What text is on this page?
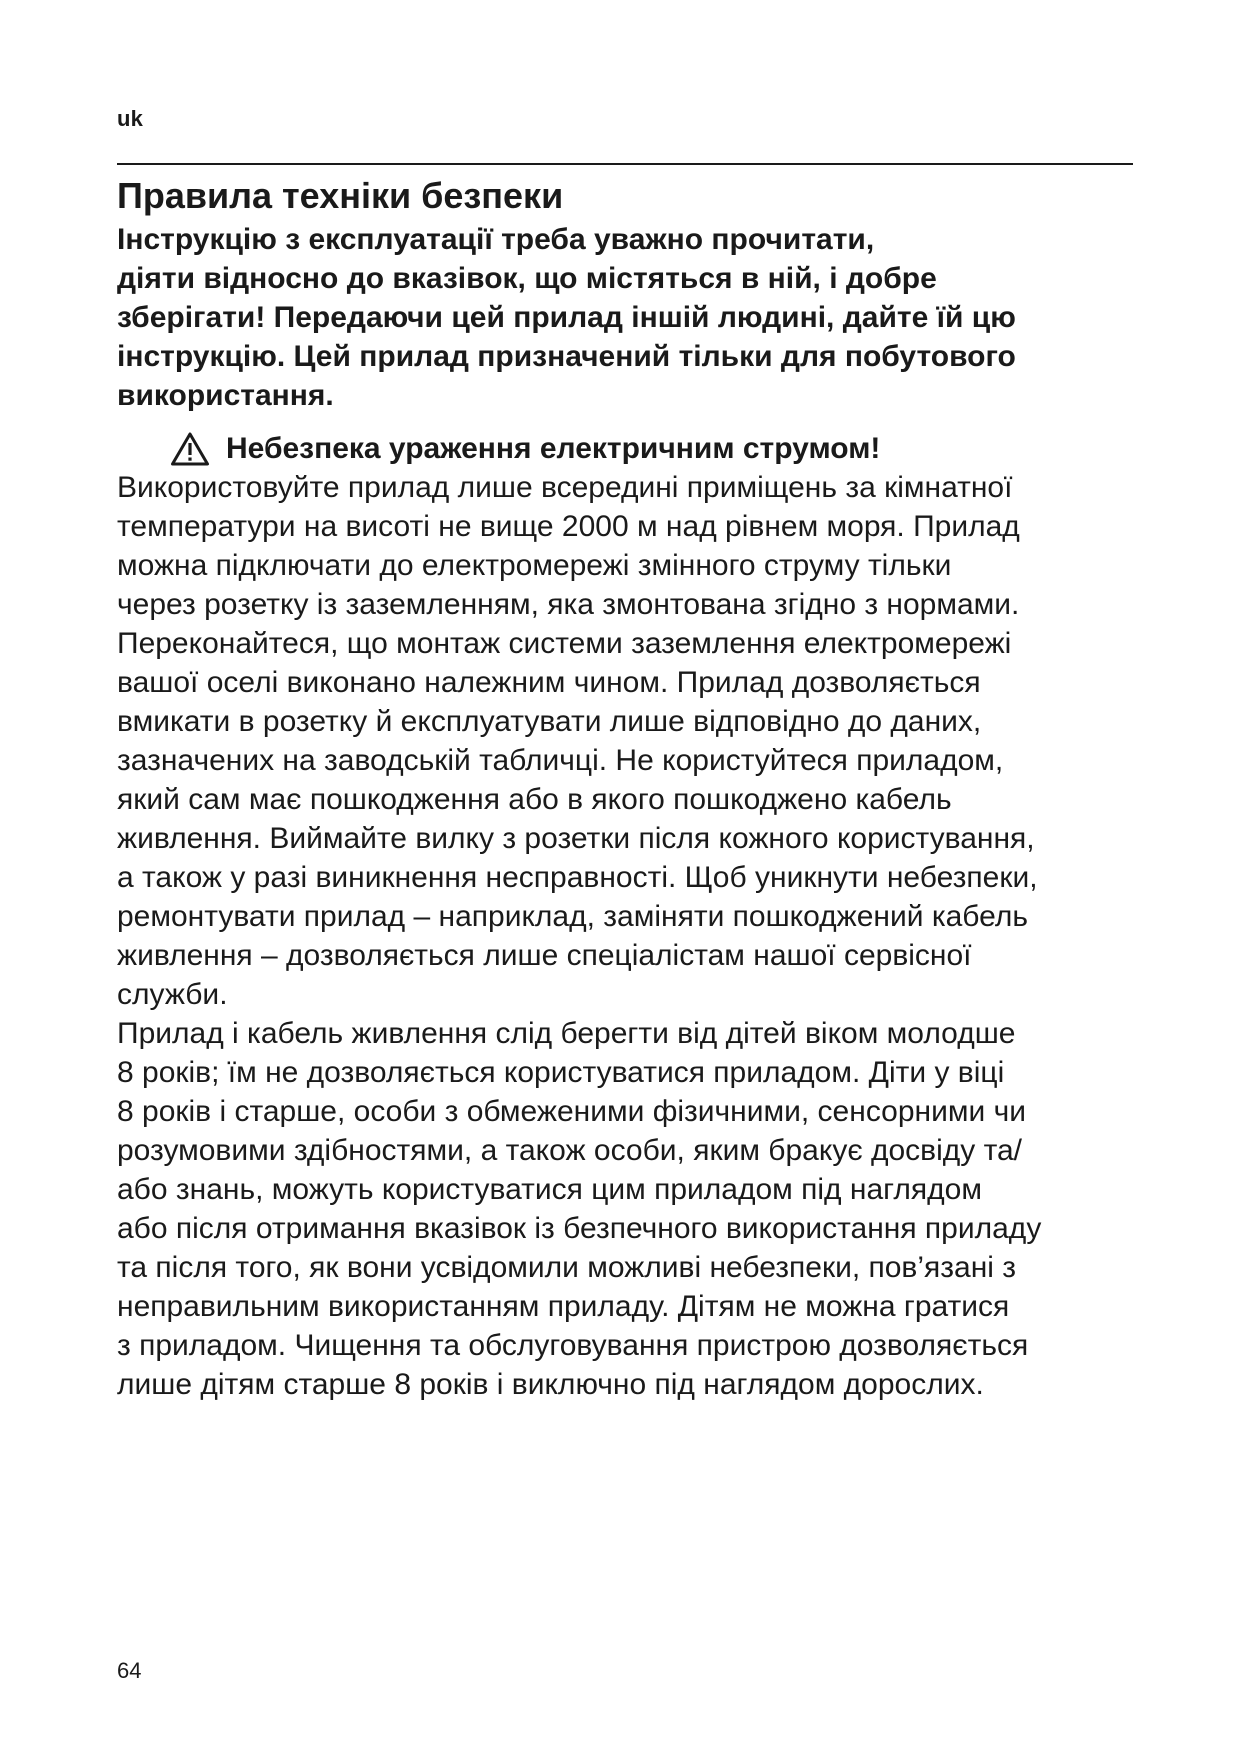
uk
Правила техніки безпеки

Інструкцію з експлуатації треба уважно прочитати,
діяти відносно до вказівок, що містяться в ній, і добре
зберігати! Передаючи цей прилад іншій людині, дайте їй цю
інструкцію. Цей прилад призначений тільки для побутового
використання.

Небезпека ураження електричним струмом!

Використовуйте прилад лише всередині приміщень за кімнатної
температури на висоті не вище 2000 м над рівнем моря. Прилад
можна підключати до електромережі змінного струму тільки
через розетку із заземленням, яка змонтована згідно з нормами.
Переконайтеся, що монтаж системи заземлення електромережі
вашої оселі виконано належним чином. Прилад дозволяється
вмикати в розетку й експлуатувати лише відповідно до даних,
зазначених на заводській табличці. Не користуйтеся приладом,
який сам має пошкодження або в якого пошкоджено кабель
живлення. Виймайте вилку з розетки після кожного користування,
а також у разі виникнення несправності. Щоб уникнути небезпеки,
ремонтувати прилад – наприклад, заміняти пошкоджений кабель
живлення – дозволяється лише спеціалістам нашої сервісної
служби.

Прилад і кабель живлення слід берегти від дітей віком молодше
8 років; їм не дозволяється користуватися приладом. Діти у віці
8 років і старше, особи з обмеженими фізичними, сенсорними чи
розумовими здібностями, а також особи, яким бракує досвіду та/
або знань, можуть користуватися цим приладом під наглядом
або після отримання вказівок із безпечного використання приладу
та після того, як вони усвідомили можливі небезпеки, пов’язані з
неправильним використанням приладу. Дітям не можна гратися
з приладом. Чищення та обслуговування пристрою дозволяється
лише дітям старше 8 років і виключно під наглядом дорослих.

64
